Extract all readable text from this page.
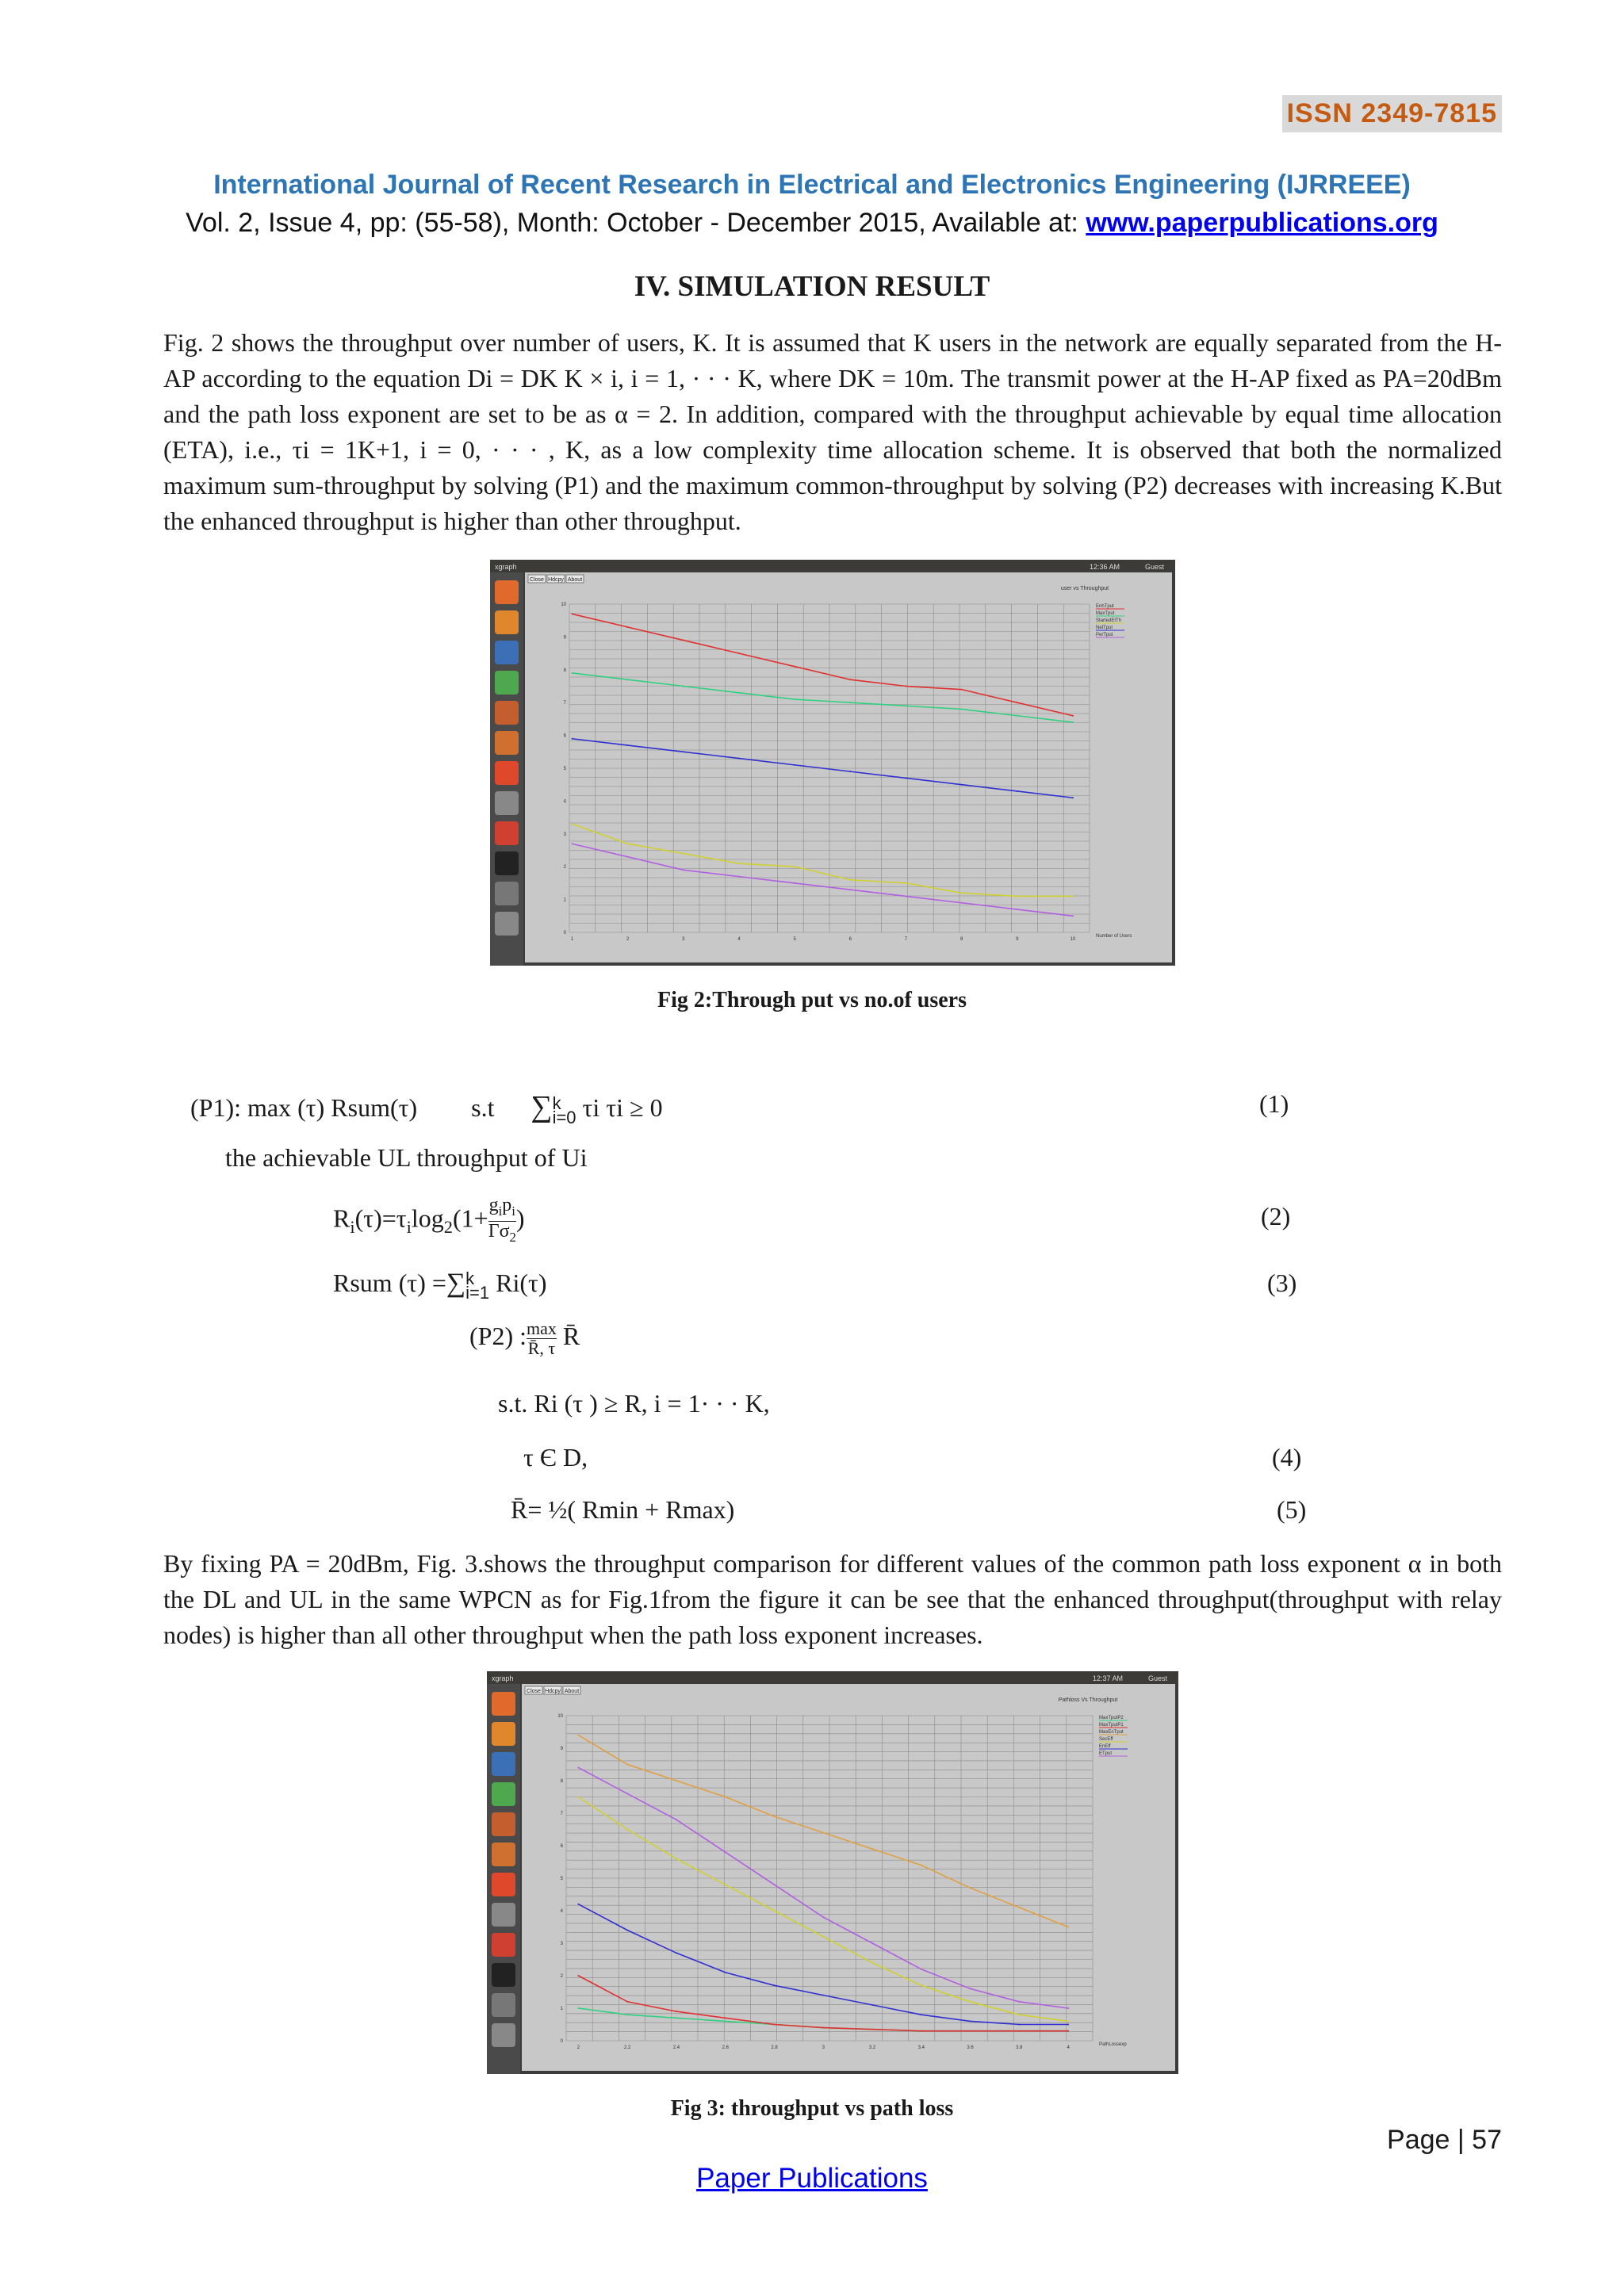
ISSN 2349-7815
International Journal of Recent Research in Electrical and Electronics Engineering (IJRREEE)
Vol. 2, Issue 4, pp: (55-58), Month: October - December 2015, Available at: www.paperpublications.org
IV. SIMULATION RESULT
Fig. 2 shows the throughput over number of users, K. It is assumed that K users in the network are equally separated from the H-AP according to the equation Di = DK K × i, i = 1, · · · K, where DK = 10m. The transmit power at the H-AP fixed as PA=20dBm and the path loss exponent are set to be as α = 2. In addition, compared with the throughput achievable by equal time allocation (ETA), i.e., τi = 1K+1, i = 0, · · · , K, as a low complexity time allocation scheme. It is observed that both the normalized maximum sum-throughput by solving (P1) and the maximum common-throughput by solving (P2) decreases with increasing K.But the enhanced throughput is higher than other throughput.
xgraph	12:36 AM	Guest
Close Hdcpy About
user vs Throughput
1	2	3	4	5	6	7	8	9	10
Number of Users
0
1
2
3
4
5
6
7
8
9
10	EnhTput
MaxTput
StartedEtTh
NelTput
PerTput
Fig 2:Through put vs no.of users
(P1): max (τ) Rsum(τ) s.t ∑ k
i=0 τi τi ≥ 0	(1)
the achievable UL throughput of Ui
$R_i(\tau)=\tau_i\log_2(1+ g_ip_i$
$\Gamma\sigma_2$
)	(2)
Rsum (τ) =∑ k
i=1 Ri(τ)	(3)
(P2) : max
R̄, τ R̄
s.t. Ri (τ ) ≥ R, i = 1· · · K,
τ Є D,	(4)
R̄= ½( Rmin + Rmax)	(5)
By fixing PA = 20dBm, Fig. 3.shows the throughput comparison for different values of the common path loss exponent α in both the DL and UL in the same WPCN as for Fig.1from the figure it can be see that the enhanced throughput(throughput with relay nodes) is higher than all other throughput when the path loss exponent increases.
xgraph	12:37 AM	Guest
Close Hdcpy About
Pathloss Vs Throughput
2	2.2	2.4	2.6	2.8	3	3.2	3.4	3.6	3.8	4
PathLossexp
0
1
2
3
4
5
6
7
8
9
10	MaxTputP2
MaxTputP1
MaxEnTput
SecEff
EnEff
ETput
Fig 3: throughput vs path loss
Page | 57
Paper Publications
